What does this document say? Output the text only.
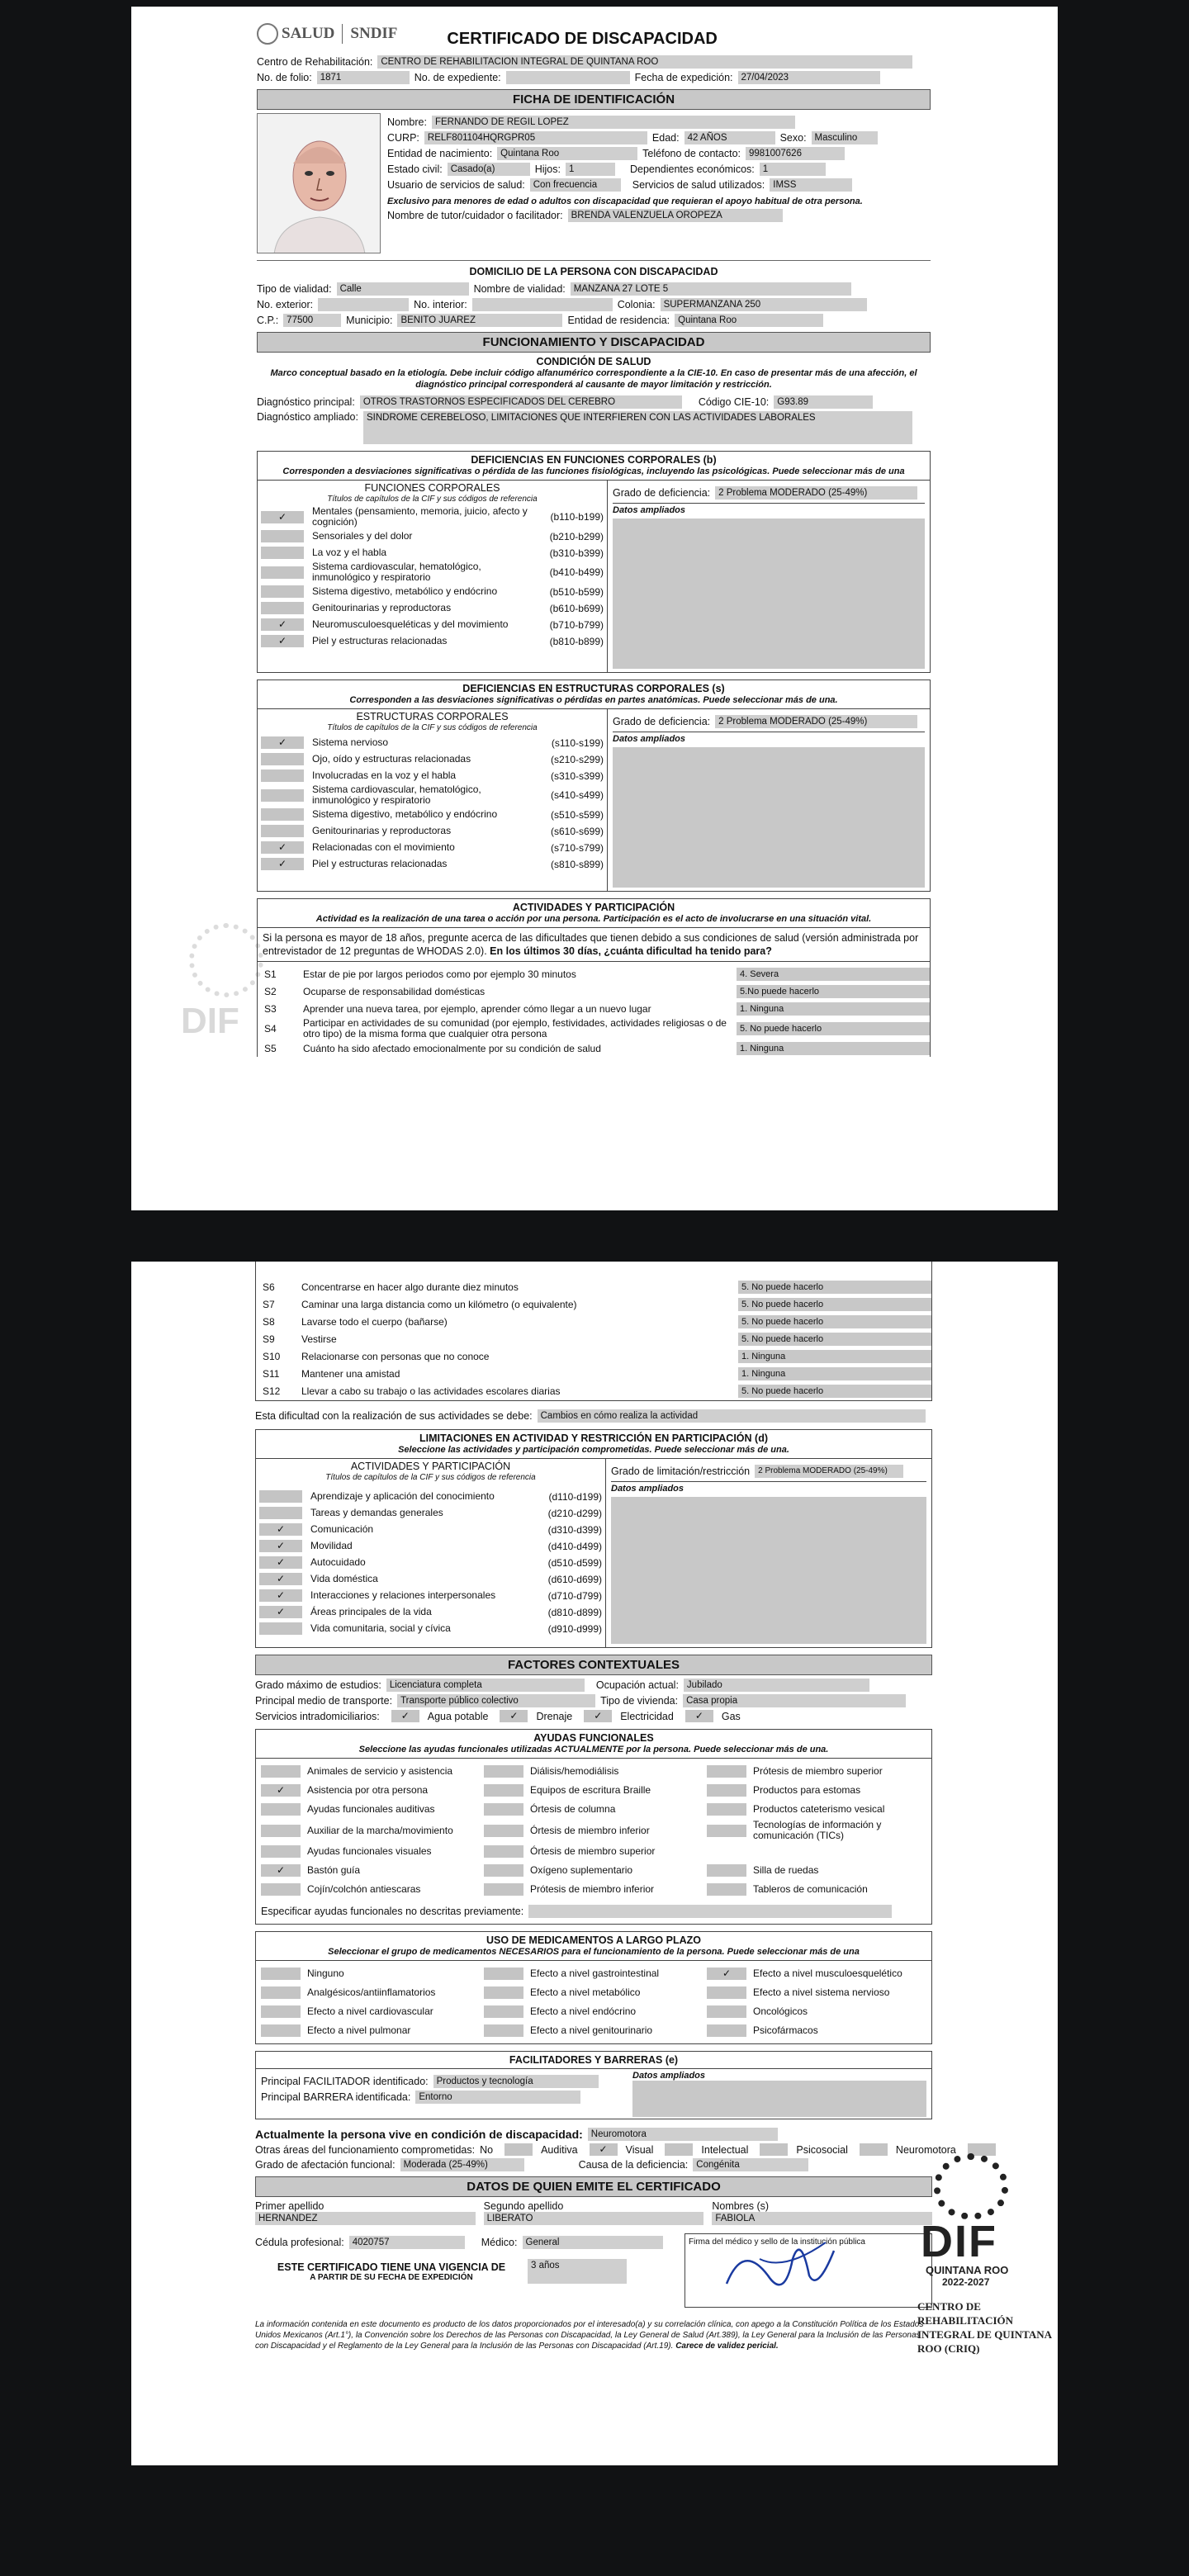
SALUD SNDIF	CERTIFICADO DE DISCAPACIDAD
Centro de Rehabilitación: CENTRO DE REHABILITACION INTEGRAL DE QUINTANA ROO
No. de folio: 1871	No. de expediente:	Fecha de expedición: 27/04/2023
FICHA DE IDENTIFICACIÓN
Nombre: FERNANDO DE REGIL LOPEZ
CURP: RELF801104HQRGPR05	Edad: 42 AÑOS	Sexo: Masculino
Entidad de nacimiento: Quintana Roo	Teléfono de contacto: 9981007626
Estado civil: Casado(a)	Hijos: 1	Dependientes económicos: 1
Usuario de servicios de salud: Con frecuencia	Servicios de salud utilizados: IMSS
Exclusivo para menores de edad o adultos con discapacidad que requieran el apoyo habitual de otra persona.
Nombre de tutor/cuidador o facilitador: BRENDA VALENZUELA OROPEZA
DOMICILIO DE LA PERSONA CON DISCAPACIDAD
Tipo de vialidad: Calle	Nombre de vialidad: MANZANA 27 LOTE 5
No. exterior:	No. interior:	Colonia: SUPERMANZANA 250
C.P.: 77500	Municipio: BENITO JUAREZ	Entidad de residencia: Quintana Roo
FUNCIONAMIENTO Y DISCAPACIDAD
CONDICIÓN DE SALUD
Marco conceptual basado en la etiología. Debe incluir código alfanumérico correspondiente a la CIE-10. En caso de presentar más de una afección, el diagnóstico principal corresponderá al causante de mayor limitación y restricción.
Diagnóstico principal: OTROS TRASTORNOS ESPECIFICADOS DEL CEREBRO	Código CIE-10: G93.89
Diagnóstico ampliado: SINDROME CEREBELOSO, LIMITACIONES QUE INTERFIEREN CON LAS ACTIVIDADES LABORALES
DEFICIENCIAS EN FUNCIONES CORPORALES (b)
Corresponden a desviaciones significativas o pérdida de las funciones fisiológicas, incluyendo las psicológicas. Puede seleccionar más de una
FUNCIONES CORPORALES
Títulos de capítulos de la CIF y sus códigos de referencia
✓	Mentales (pensamiento, memoria, juicio, afecto y cognición)	(b110-b199)
Sensoriales y del dolor	(b210-b299)
La voz y el habla	(b310-b399)
Sistema cardiovascular, hematológico, inmunológico y respiratorio	(b410-b499)
Sistema digestivo, metabólico y endócrino	(b510-b599)
Genitourinarias y reproductoras	(b610-b699)
✓	Neuromusculoesqueléticas y del movimiento	(b710-b799)
✓	Piel y estructuras relacionadas	(b810-b899)
Grado de deficiencia: 2 Problema MODERADO (25-49%)
Datos ampliados
DEFICIENCIAS EN ESTRUCTURAS CORPORALES (s)
Corresponden a las desviaciones significativas o pérdidas en partes anatómicas. Puede seleccionar más de una.
ESTRUCTURAS CORPORALES
Títulos de capítulos de la CIF y sus códigos de referencia
✓	Sistema nervioso	(s110-s199)
Ojo, oído y estructuras relacionadas	(s210-s299)
Involucradas en la voz y el habla	(s310-s399)
Sistema cardiovascular, hematológico, inmunológico y respiratorio	(s410-s499)
Sistema digestivo, metabólico y endócrino	(s510-s599)
Genitourinarias y reproductoras	(s610-s699)
✓	Relacionadas con el movimiento	(s710-s799)
✓	Piel y estructuras relacionadas	(s810-s899)
Grado de deficiencia: 2 Problema MODERADO (25-49%)
Datos ampliados
ACTIVIDADES Y PARTICIPACIÓN
Actividad es la realización de una tarea o acción por una persona. Participación es el acto de involucrarse en una situación vital.
Si la persona es mayor de 18 años, pregunte acerca de las dificultades que tienen debido a sus condiciones de salud (versión administrada por entrevistador de 12 preguntas de WHODAS 2.0). En los últimos 30 días, ¿cuánta dificultad ha tenido para?
S1	Estar de pie por largos periodos como por ejemplo 30 minutos	4. Severa
S2	Ocuparse de responsabilidad domésticas	5.No puede hacerlo
S3	Aprender una nueva tarea, por ejemplo, aprender cómo llegar a un nuevo lugar	1. Ninguna
S4	Participar en actividades de su comunidad (por ejemplo, festividades, actividades religiosas o de otro tipo) de la misma forma que cualquier otra persona	5. No puede hacerlo
S5	Cuánto ha sido afectado emocionalmente por su condición de salud	1. Ninguna
DIF
S6	Concentrarse en hacer algo durante diez minutos	5. No puede hacerlo
S7	Caminar una larga distancia como un kilómetro (o equivalente)	5. No puede hacerlo
S8	Lavarse todo el cuerpo (bañarse)	5. No puede hacerlo
S9	Vestirse	5. No puede hacerlo
S10	Relacionarse con personas que no conoce	1. Ninguna
S11	Mantener una amistad	1. Ninguna
S12	Llevar a cabo su trabajo o las actividades escolares diarias	5. No puede hacerlo
Esta dificultad con la realización de sus actividades se debe: Cambios en cómo realiza la actividad
LIMITACIONES EN ACTIVIDAD Y RESTRICCIÓN EN PARTICIPACIÓN (d)
Seleccione las actividades y participación comprometidas. Puede seleccionar más de una.
ACTIVIDADES Y PARTICIPACIÓN
Títulos de capítulos de la CIF y sus códigos de referencia
Aprendizaje y aplicación del conocimiento	(d110-d199)
Tareas y demandas generales	(d210-d299)
✓	Comunicación	(d310-d399)
✓	Movilidad	(d410-d499)
✓	Autocuidado	(d510-d599)
✓	Vida doméstica	(d610-d699)
✓	Interacciones y relaciones interpersonales	(d710-d799)
✓	Áreas principales de la vida	(d810-d899)
Vida comunitaria, social y cívica	(d910-d999)
Grado de limitación/restricción	2 Problema MODERADO (25-49%)
Datos ampliados
FACTORES CONTEXTUALES
Grado máximo de estudios: Licenciatura completa	Ocupación actual: Jubilado
Principal medio de transporte: Transporte público colectivo	Tipo de vivienda: Casa propia
Servicios intradomiciliarios:	✓	Agua potable	✓	Drenaje	✓	Electricidad	✓	Gas
AYUDAS FUNCIONALES
Seleccione las ayudas funcionales utilizadas ACTUALMENTE por la persona. Puede seleccionar más de una.
Animales de servicio y asistencia	Diálisis/hemodiálisis	Prótesis de miembro superior
✓	Asistencia por otra persona	Equipos de escritura Braille	Productos para estomas
Ayudas funcionales auditivas	Órtesis de columna	Productos cateterismo vesical
Auxiliar de la marcha/movimiento	Órtesis de miembro inferior	Tecnologías de información y comunicación (TICs)
Ayudas funcionales visuales	Órtesis de miembro superior
✓	Bastón guía	Oxígeno suplementario	Silla de ruedas
Cojín/colchón antiescaras	Prótesis de miembro inferior	Tableros de comunicación
Especificar ayudas funcionales no descritas previamente:
USO DE MEDICAMENTOS A LARGO PLAZO
Seleccionar el grupo de medicamentos NECESARIOS para el funcionamiento de la persona. Puede seleccionar más de una
Ninguno	Efecto a nivel gastrointestinal	✓	Efecto a nivel musculoesquelético
Analgésicos/antiinflamatorios	Efecto a nivel metabólico	Efecto a nivel sistema nervioso
Efecto a nivel cardiovascular	Efecto a nivel endócrino	Oncológicos
Efecto a nivel pulmonar	Efecto a nivel genitourinario	Psicofármacos
FACILITADORES Y BARRERAS (e)
Principal FACILITADOR identificado: Productos y tecnología
Principal BARRERA identificada: Entorno
Datos ampliados
Actualmente la persona vive en condición de discapacidad: Neuromotora
Otras áreas del funcionamiento comprometidas: No	Auditiva	✓	Visual	Intelectual	Psicosocial	Neuromotora
Grado de afectación funcional: Moderada (25-49%)	Causa de la deficiencia: Congénita
DATOS DE QUIEN EMITE EL CERTIFICADO
Primer apellido
HERNANDEZ
Segundo apellido
LIBERATO
Nombres (s)
FABIOLA
Cédula profesional: 4020757	Médico: General
ESTE CERTIFICADO TIENE UNA VIGENCIA DE
A PARTIR DE SU FECHA DE EXPEDICIÓN
3 años
Firma del médico y sello de la institución pública
La información contenida en este documento es producto de los datos proporcionados por el interesado(a) y su correlación clínica, con apego a la Constitución Política de los Estados Unidos Mexicanos (Art.1°), la Convención sobre los Derechos de las Personas con Discapacidad, la Ley General de Salud (Art.389), la Ley General para la Inclusión de las Personas con Discapacidad y el Reglamento de la Ley General para la Inclusión de las Personas con Discapacidad (Art.19). Carece de validez pericial.
DIF
QUINTANA ROO
2022-2027
CENTRO DE REHABILITACIÓN INTEGRAL DE QUINTANA ROO (CRIQ)
